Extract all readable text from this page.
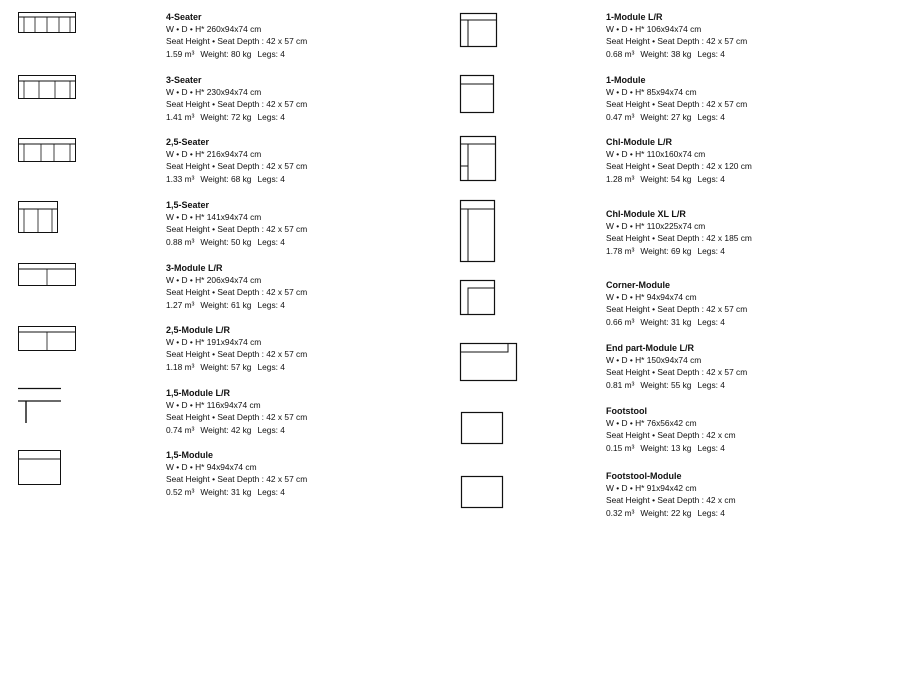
4-Seater
W • D • H* 260x94x74 cm
Seat Height • Seat Depth : 42 x 57 cm
1.59 m³ Weight: 80 kg Legs: 4
3-Seater
W • D • H* 230x94x74 cm
Seat Height • Seat Depth : 42 x 57 cm
1.41 m³ Weight: 72 kg Legs: 4
2,5-Seater
W • D • H* 216x94x74 cm
Seat Height • Seat Depth : 42 x 57 cm
1.33 m³ Weight: 68 kg Legs: 4
1,5-Seater
W • D • H* 141x94x74 cm
Seat Height • Seat Depth : 42 x 57 cm
0.88 m³ Weight: 50 kg Legs: 4
3-Module L/R
W • D • H* 206x94x74 cm
Seat Height • Seat Depth : 42 x 57 cm
1.27 m³ Weight: 61 kg Legs: 4
2,5-Module L/R
W • D • H* 191x94x74 cm
Seat Height • Seat Depth : 42 x 57 cm
1.18 m³ Weight: 57 kg Legs: 4
1,5-Module L/R
W • D • H* 116x94x74 cm
Seat Height • Seat Depth : 42 x 57 cm
0.74 m³ Weight: 42 kg Legs: 4
1,5-Module
W • D • H* 94x94x74 cm
Seat Height • Seat Depth : 42 x 57 cm
0.52 m³ Weight: 31 kg Legs: 4
1-Module L/R
W • D • H* 106x94x74 cm
Seat Height • Seat Depth : 42 x 57 cm
0.68 m³ Weight: 38 kg Legs: 4
1-Module
W • D • H* 85x94x74 cm
Seat Height • Seat Depth : 42 x 57 cm
0.47 m³ Weight: 27 kg Legs: 4
Chl-Module L/R
W • D • H* 110x160x74 cm
Seat Height • Seat Depth : 42 x 120 cm
1.28 m³ Weight: 54 kg Legs: 4
Chl-Module XL L/R
W • D • H* 110x225x74 cm
Seat Height • Seat Depth : 42 x 185 cm
1.78 m³ Weight: 69 kg Legs: 4
Corner-Module
W • D • H* 94x94x74 cm
Seat Height • Seat Depth : 42 x 57 cm
0.66 m³ Weight: 31 kg Legs: 4
End part-Module L/R
W • D • H* 150x94x74 cm
Seat Height • Seat Depth : 42 x 57 cm
0.81 m³ Weight: 55 kg Legs: 4
Footstool
W • D • H* 76x56x42 cm
Seat Height • Seat Depth : 42 x cm
0.15 m³ Weight: 13 kg Legs: 4
Footstool-Module
W • D • H* 91x94x42 cm
Seat Height • Seat Depth : 42 x cm
0.32 m³ Weight: 22 kg Legs: 4
